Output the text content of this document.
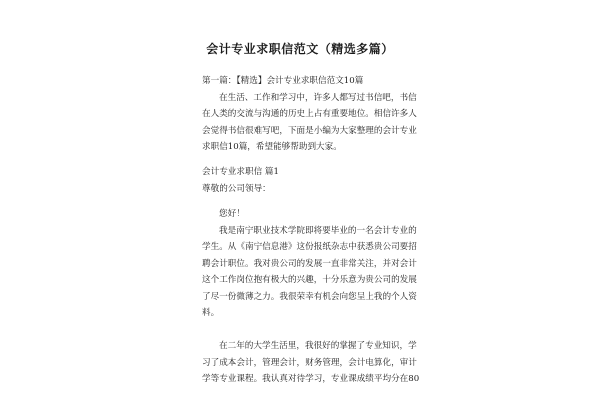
会计专业求职信范文（精选多篇）
第一篇：【精选】会计专业求职信范文10篇
在生活、工作和学习中，许多人都写过书信吧，书信
在人类的交流与沟通的历史上占有重要地位。相信许多人
会觉得书信很难写吧，下面是小编为大家整理的会计专业
求职信10篇，希望能够帮助到大家。
会计专业求职信 篇1
尊敬的公司领导：
您好！
我是南宁职业技术学院即将要毕业的一名会计专业的
学生。从《南宁信息港》这份报纸杂志中获悉贵公司要招
聘会计职位。我对贵公司的发展一直非常关注，并对会计
这个工作岗位抱有极大的兴趣，十分乐意为贵公司的发展
了尽一份微薄之力。我很荣幸有机会向您呈上我的个人资
料。
在二年的大学生活里，我很好的掌握了专业知识，学
习了成本会计，管理会计，财务管理，会计电算化，审计
学等专业课程。我认真对待学习，专业课成绩平均分在80
